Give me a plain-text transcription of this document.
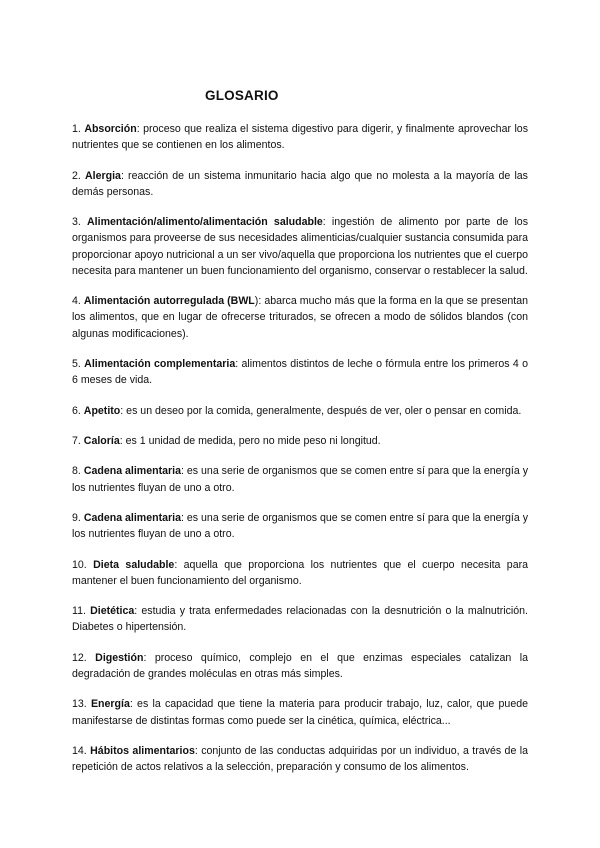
GLOSARIO
1. Absorción: proceso que realiza el sistema digestivo para digerir, y finalmente aprovechar los nutrientes que se contienen en los alimentos.
2. Alergia: reacción de un sistema inmunitario hacia algo que no molesta a la mayoría de las demás personas.
3. Alimentación/alimento/alimentación saludable: ingestión de alimento por parte de los organismos para proveerse de sus necesidades alimenticias/cualquier sustancia consumida para proporcionar apoyo nutricional a un ser vivo/aquella que proporciona los nutrientes que el cuerpo necesita para mantener un buen funcionamiento del organismo, conservar o restablecer la salud.
4. Alimentación autorregulada (BWL): abarca mucho más que la forma en la que se presentan los alimentos, que en lugar de ofrecerse triturados, se ofrecen a modo de sólidos blandos (con algunas modificaciones).
5. Alimentación complementaria: alimentos distintos de leche o fórmula entre los primeros 4 o 6 meses de vida.
6. Apetito: es un deseo por la comida, generalmente, después de ver, oler o pensar en comida.
7. Caloría: es 1 unidad de medida, pero no mide peso ni longitud.
8. Cadena alimentaria: es una serie de organismos que se comen entre sí para que la energía y los nutrientes fluyan de uno a otro.
9. Cadena alimentaria: es una serie de organismos que se comen entre sí para que la energía y los nutrientes fluyan de uno a otro.
10. Dieta saludable: aquella que proporciona los nutrientes que el cuerpo necesita para mantener el buen funcionamiento del organismo.
11. Dietética: estudia y trata enfermedades relacionadas con la desnutrición o la malnutrición. Diabetes o hipertensión.
12. Digestión: proceso químico, complejo en el que enzimas especiales catalizan la degradación de grandes moléculas en otras más simples.
13. Energía: es la capacidad que tiene la materia para producir trabajo, luz, calor, que puede manifestarse de distintas formas como puede ser la cinética, química, eléctrica...
14. Hábitos alimentarios: conjunto de las conductas adquiridas por un individuo, a través de la repetición de actos relativos a la selección, preparación y consumo de los alimentos.
